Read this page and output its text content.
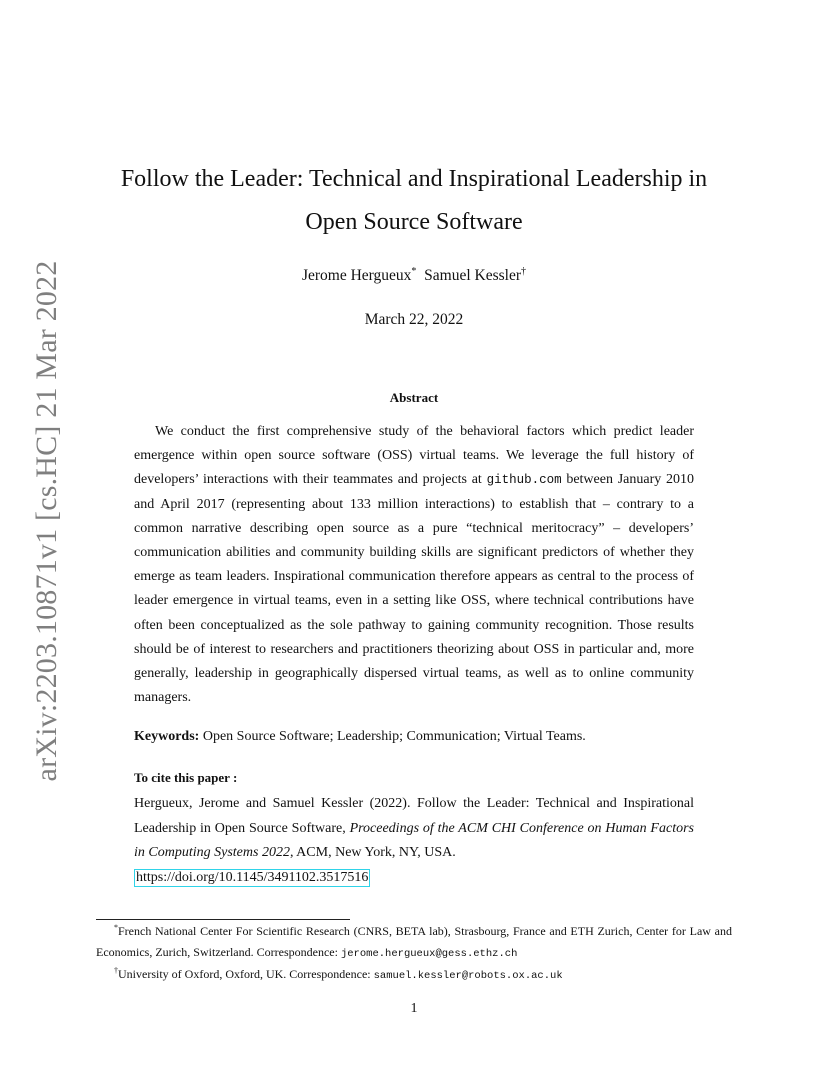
arXiv:2203.10871v1 [cs.HC] 21 Mar 2022
Follow the Leader: Technical and Inspirational Leadership in
Open Source Software
Jerome Hergueux* Samuel Kessler†
March 22, 2022
Abstract

We conduct the first comprehensive study of the behavioral factors which predict leader emergence within open source software (OSS) virtual teams. We leverage the full history of developers’ interactions with their teammates and projects at github.com between January 2010 and April 2017 (representing about 133 million interactions) to establish that – contrary to a common narrative describing open source as a pure “technical meritocracy” – developers’ communication abilities and community building skills are significant predictors of whether they emerge as team leaders. Inspirational communication therefore appears as central to the process of leader emergence in virtual teams, even in a setting like OSS, where technical contributions have often been conceptualized as the sole pathway to gaining community recognition. Those results should be of interest to researchers and practitioners theorizing about OSS in particular and, more generally, leadership in geographically dispersed virtual teams, as well as to online community managers.

Keywords: Open Source Software; Leadership; Communication; Virtual Teams.
To cite this paper :

Hergueux, Jerome and Samuel Kessler (2022). Follow the Leader: Technical and Inspirational Leadership in Open Source Software, Proceedings of the ACM CHI Conference on Human Factors in Computing Systems 2022, ACM, New York, NY, USA.
https://doi.org/10.1145/3491102.3517516

*French National Center For Scientific Research (CNRS, BETA lab), Strasbourg, France and ETH Zurich, Center for Law and Economics, Zurich, Switzerland. Correspondence: jerome.hergueux@gess.ethz.ch

†University of Oxford, Oxford, UK. Correspondence: samuel.kessler@robots.ox.ac.uk

1
